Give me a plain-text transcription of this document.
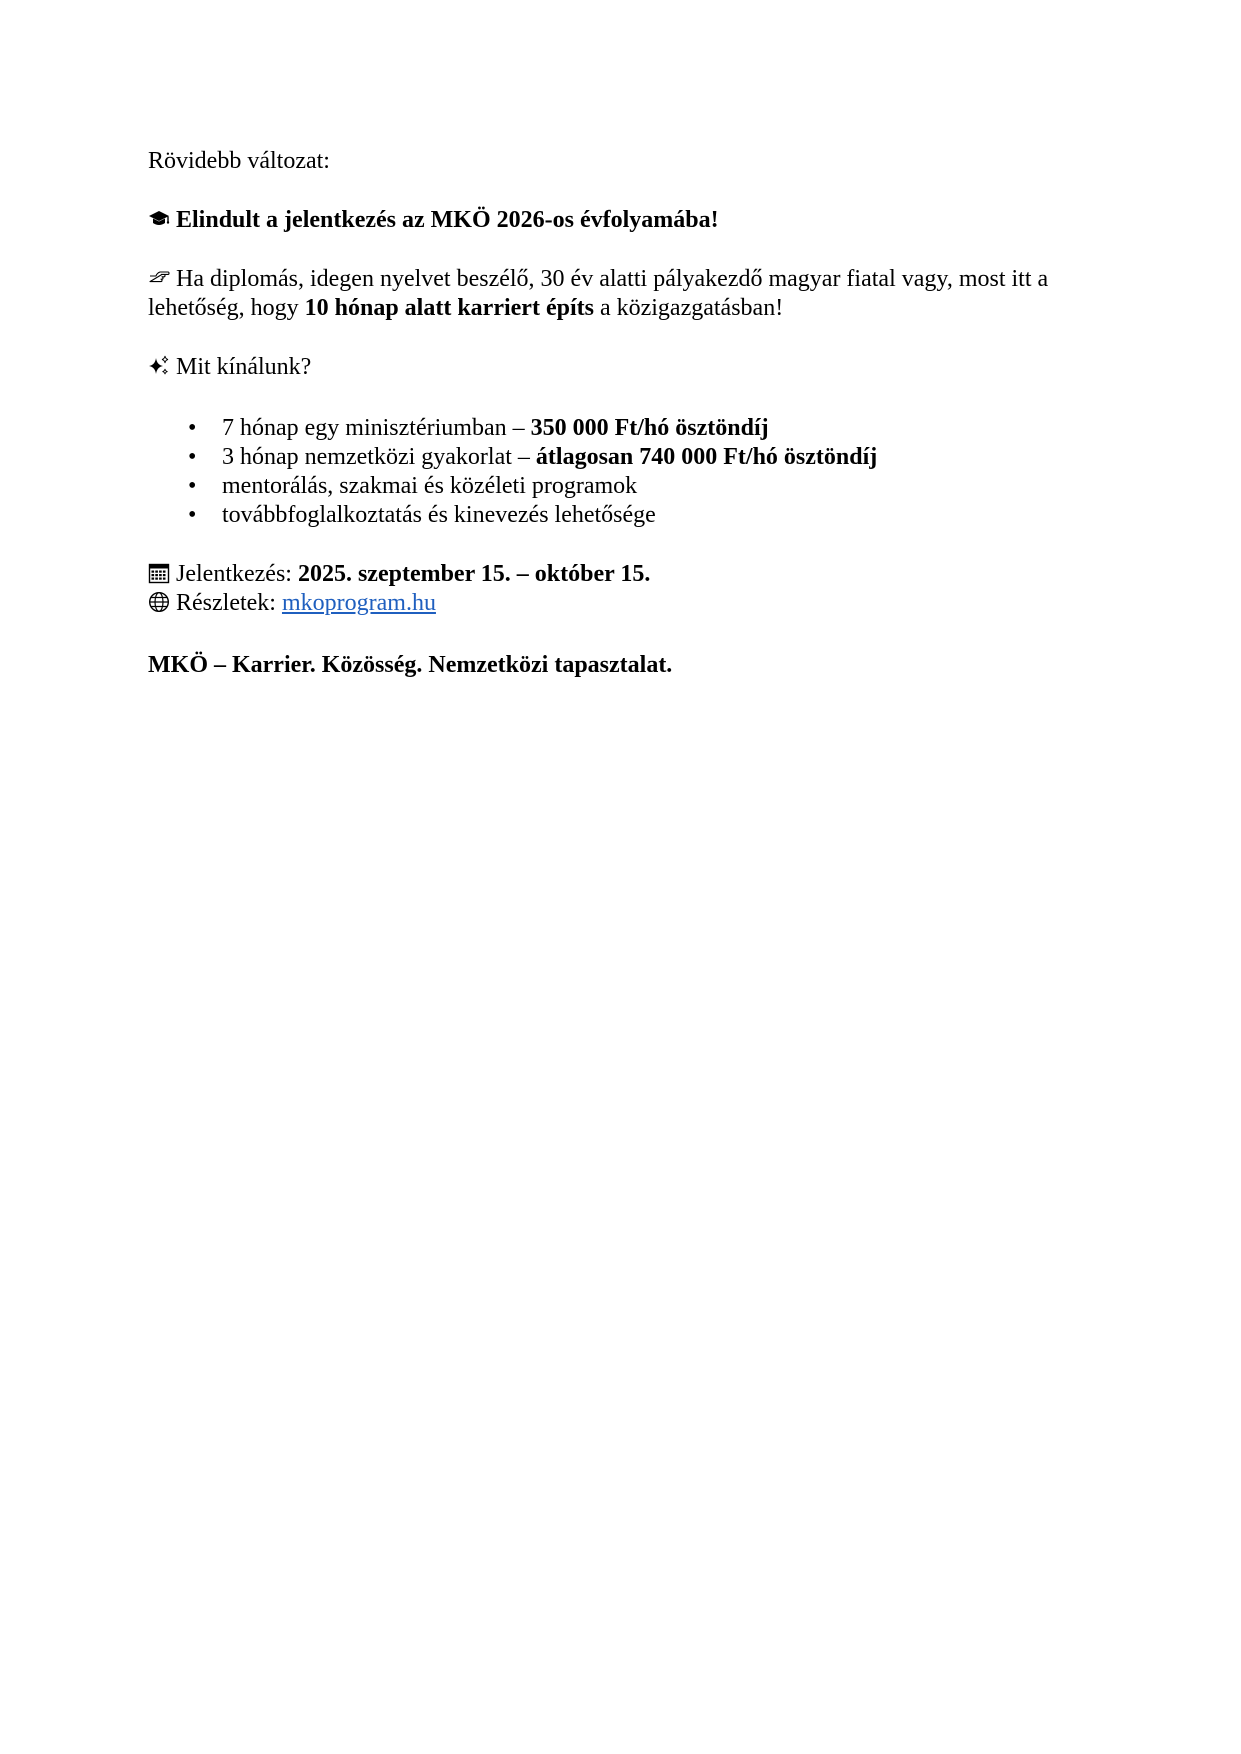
Rövidebb változat:

Elindult a jelentkezés az MKÖ 2026-os évfolyamába!

Ha diplomás, idegen nyelvet beszélő, 30 év alatti pályakezdő magyar fiatal vagy, most itt a lehetőség, hogy 10 hónap alatt karriert építs a közigazgatásban!

Mit kínálunk?

• 7 hónap egy minisztériumban – 350 000 Ft/hó ösztöndíj
• 3 hónap nemzetközi gyakorlat – átlagosan 740 000 Ft/hó ösztöndíj
• mentorálás, szakmai és közéleti programok
• továbbfoglalkoztatás és kinevezés lehetősége

Jelentkezés: 2025. szeptember 15. – október 15.

Részletek: mkoprogram.hu

MKÖ – Karrier. Közösség. Nemzetközi tapasztalat.
